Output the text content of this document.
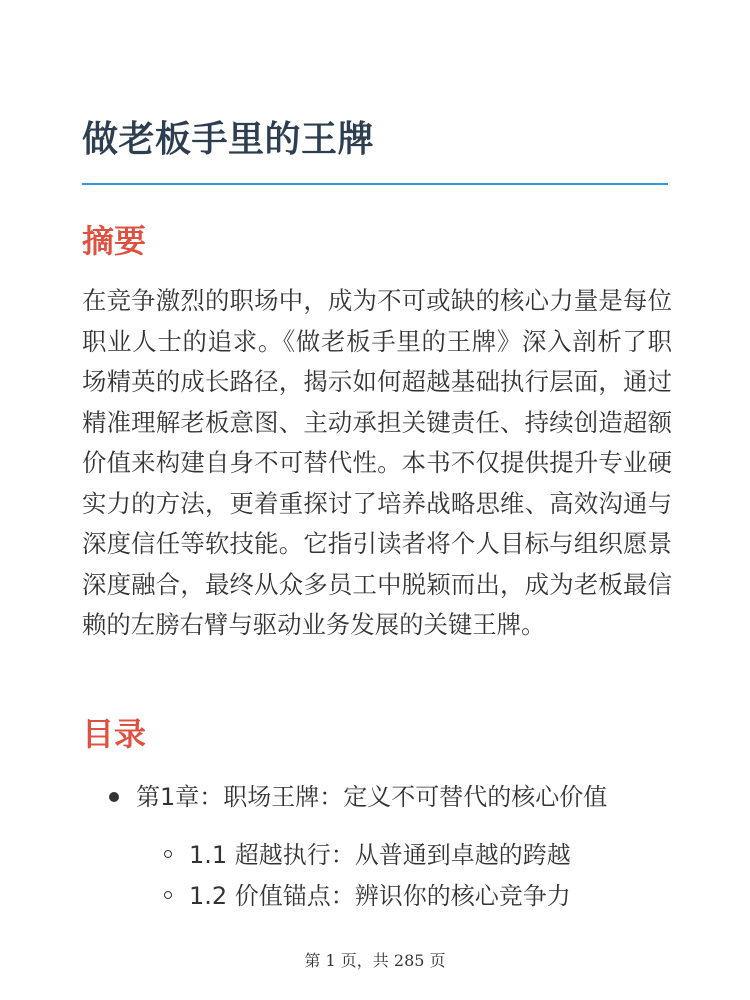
做老板手里的王牌
摘要

在竞争激烈的职场中，成为不可或缺的核心力量是每位职业人士的追求。《做老板手里的王牌》深入剖析了职场精英的成长路径，揭示如何超越基础执行层面，通过精准理解老板意图、主动承担关键责任、持续创造超额价值来构建自身不可替代性。本书不仅提供提升专业硬实力的方法，更着重探讨了培养战略思维、高效沟通与深度信任等软技能。它指引读者将个人目标与组织愿景深度融合，最终从众多员工中脱颖而出，成为老板最信赖的左膀右臂与驱动业务发展的关键王牌。

目录
第1章：职场王牌：定义不可替代的核心价值
1.1 超越执行：从普通到卓越的跨越
1.2 价值锚点：辨识你的核心竞争力
第 1 页，共 285 页
